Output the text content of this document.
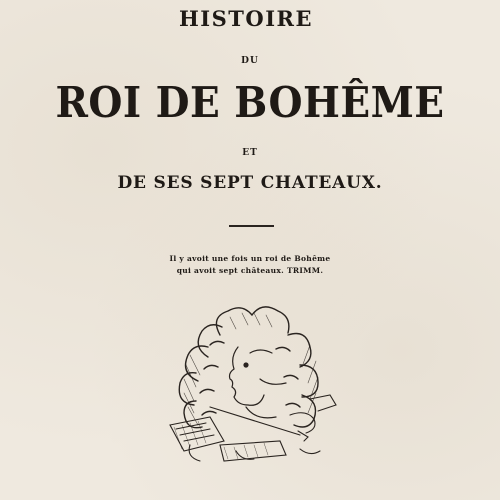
HISTOIRE
DU
ROI DE BOHÊME
ET
DE SES SEPT CHATEAUX.
Il y avoit une fois un roi de Bohême
qui avoit sept châteaux. TRIMM.
